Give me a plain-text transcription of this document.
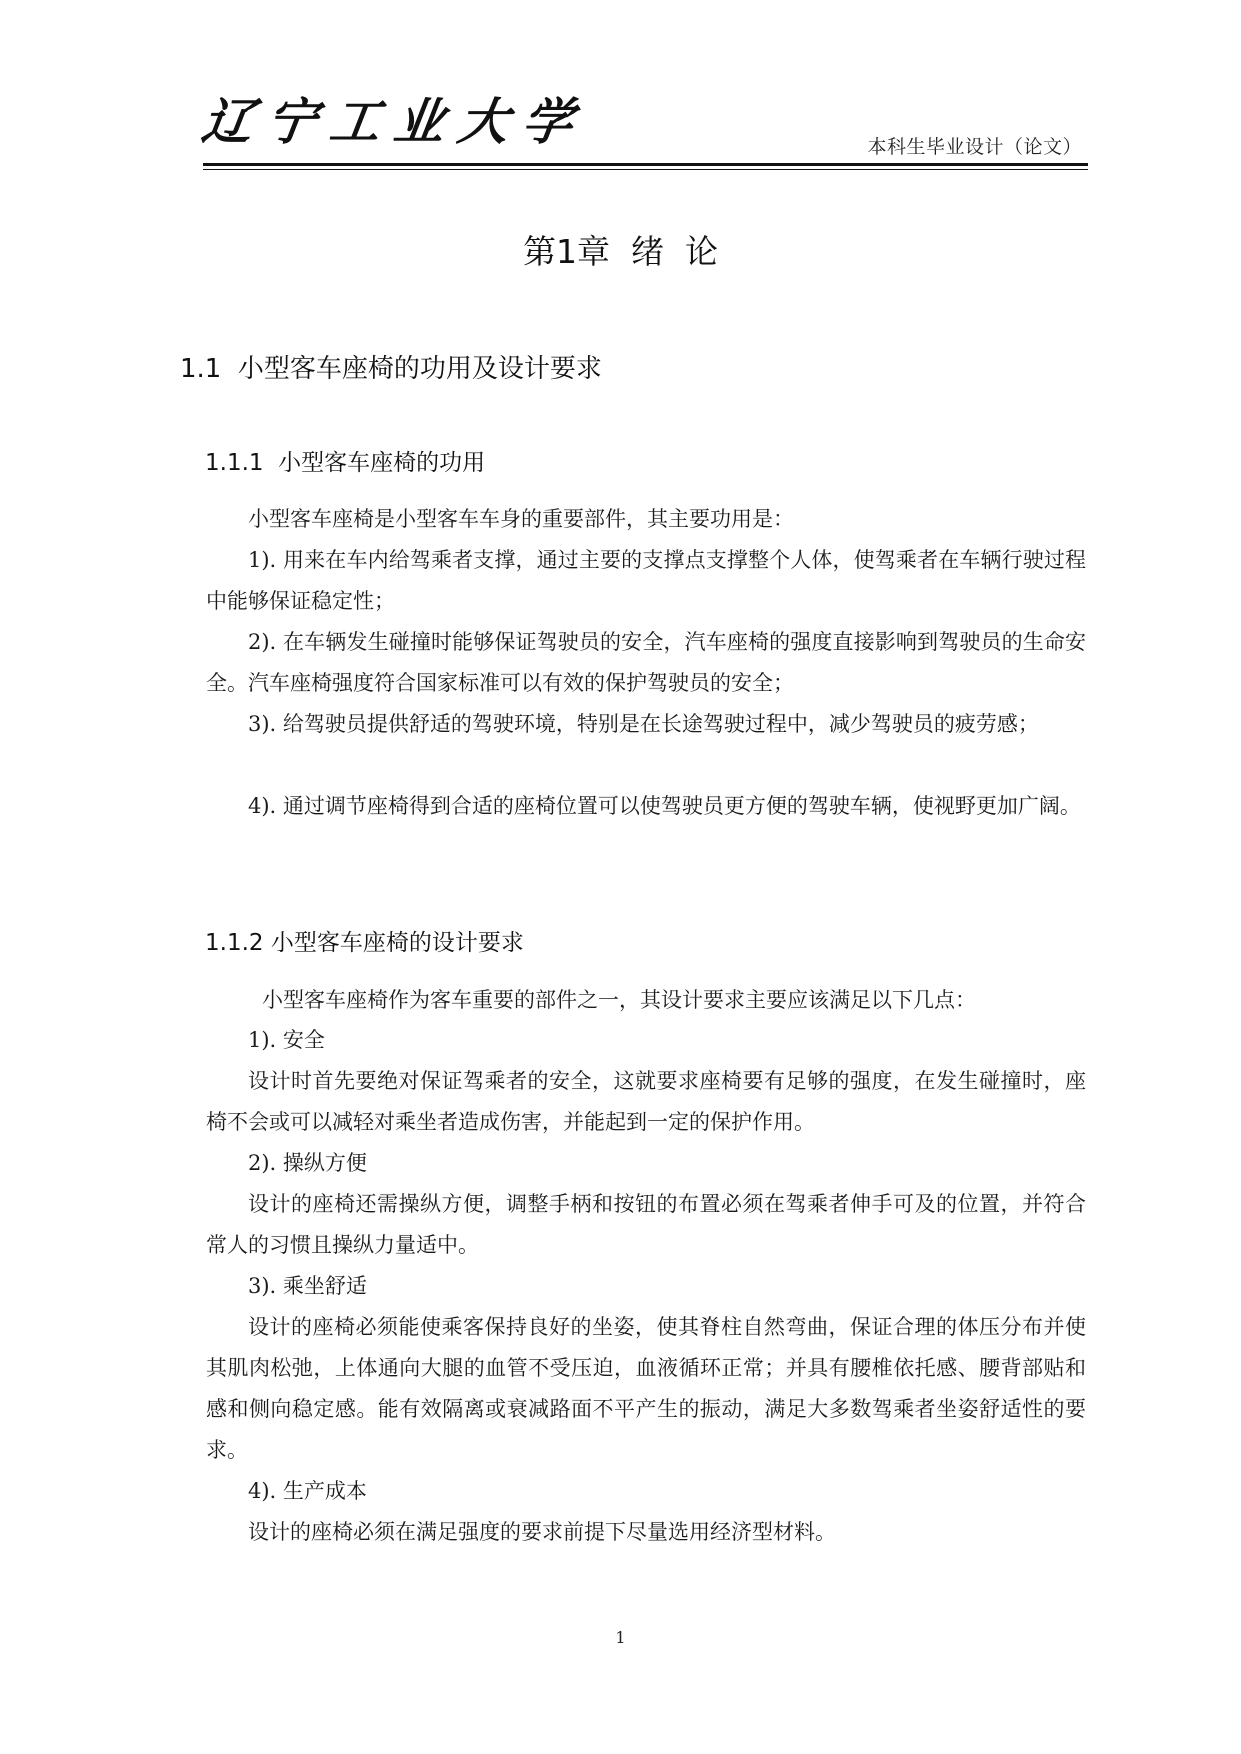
辽宁工业大学	本科生毕业设计（论文）
第1章  绪  论
1.1  小型客车座椅的功用及设计要求
1.1.1  小型客车座椅的功用
小型客车座椅是小型客车车身的重要部件，其主要功用是：
1). 用来在车内给驾乘者支撑，通过主要的支撑点支撑整个人体，使驾乘者在车辆行驶过程中能够保证稳定性；
2). 在车辆发生碰撞时能够保证驾驶员的安全，汽车座椅的强度直接影响到驾驶员的生命安全。汽车座椅强度符合国家标准可以有效的保护驾驶员的安全；
3). 给驾驶员提供舒适的驾驶环境，特别是在长途驾驶过程中，减少驾驶员的疲劳感；
4). 通过调节座椅得到合适的座椅位置可以使驾驶员更方便的驾驶车辆，使视野更加广阔。
1.1.2 小型客车座椅的设计要求
小型客车座椅作为客车重要的部件之一，其设计要求主要应该满足以下几点：
1). 安全
设计时首先要绝对保证驾乘者的安全，这就要求座椅要有足够的强度，在发生碰撞时，座椅不会或可以减轻对乘坐者造成伤害，并能起到一定的保护作用。
2). 操纵方便
设计的座椅还需操纵方便，调整手柄和按钮的布置必须在驾乘者伸手可及的位置，并符合常人的习惯且操纵力量适中。
3). 乘坐舒适
设计的座椅必须能使乘客保持良好的坐姿，使其脊柱自然弯曲，保证合理的体压分布并使其肌肉松弛，上体通向大腿的血管不受压迫，血液循环正常；并具有腰椎依托感、腰背部贴和感和侧向稳定感。能有效隔离或衰减路面不平产生的振动，满足大多数驾乘者坐姿舒适性的要求。
4). 生产成本
设计的座椅必须在满足强度的要求前提下尽量选用经济型材料。
1
